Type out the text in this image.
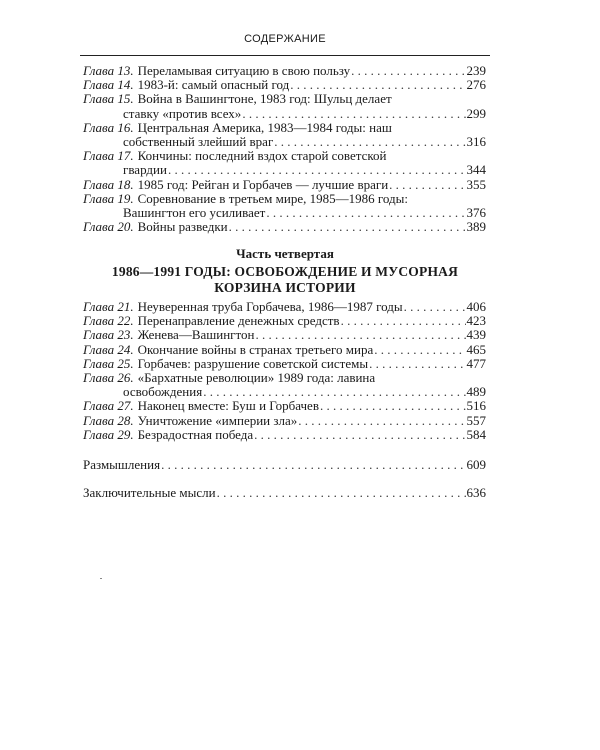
СОДЕРЖАНИЕ
Глава 13. Переламывая ситуацию в свою пользу . . .	239
Глава 14. 1983-й: самый опасный год . . .	276
Глава 15. Война в Вашингтоне, 1983 год: Шульц делает
ставку «против всех» . . .	299
Глава 16. Центральная Америка, 1983—1984 годы: наш
собственный злейший враг . . .	316
Глава 17. Кончины: последний вздох старой советской
гвардии . . .	344
Глава 18. 1985 год: Рейган и Горбачев — лучшие враги . . .	355
Глава 19. Соревнование в третьем мире, 1985—1986 годы:
Вашингтон его усиливает . . .	376
Глава 20. Войны разведки . . .	389
Часть четвертая
1986—1991 ГОДЫ: ОСВОБОЖДЕНИЕ И МУСОРНАЯ
КОРЗИНА ИСТОРИИ
Глава 21. Неуверенная труба Горбачева, 1986—1987 годы . . .	406
Глава 22. Перенаправление денежных средств . . .	423
Глава 23. Женева—Вашингтон . . .	439
Глава 24. Окончание войны в странах третьего мира . . .	465
Глава 25. Горбачев: разрушение советской системы . . .	477
Глава 26. «Бархатные революции» 1989 года: лавина
освобождения . . .	489
Глава 27. Наконец вместе: Буш и Горбачев . . .	516
Глава 28. Уничтожение «империи зла» . . .	557
Глава 29. Безрадостная победа . . .	584
Размышления . . .	609
Заключительные мысли . . .	636
